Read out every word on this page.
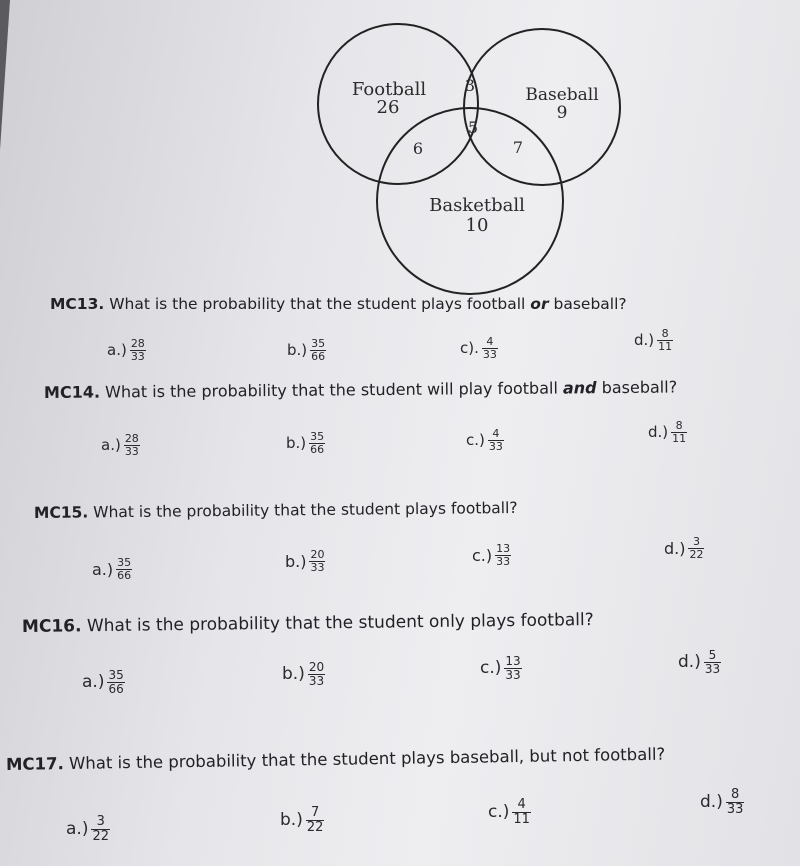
Football
26
Baseball
9
Basketball
10
3
5
6	7
MC13. What is the probability that the student plays football or baseball?
$a.) \frac{28}{33}$	$b.) \frac{35}{66}$	c). $\frac{4}{33}$	$d.) \frac{8}{11}$
MC14. What is the probability that the student will play football and baseball?
$a.) \frac{28}{33}$	$b.) \frac{35}{66}$	$c.) \frac{4}{33}$	$d.) \frac{8}{11}$
MC15. What is the probability that the student plays football?
$a.) \frac{35}{66}$	$b.) \frac{20}{33}$	$c.) \frac{13}{33}$	$d.) \frac{3}{22}$
MC16. What is the probability that the student only plays football?
$a.) \frac{35}{66}$	$b.) \frac{20}{33}$	$c.) \frac{13}{33}$	$d.) \frac{5}{33}$
MC17. What is the probability that the student plays baseball, but not football?
$a.) \frac{3}{22}$	$b.) \frac{7}{22}$	$c.) \frac{4}{11}$	$d.) \frac{8}{33}$
